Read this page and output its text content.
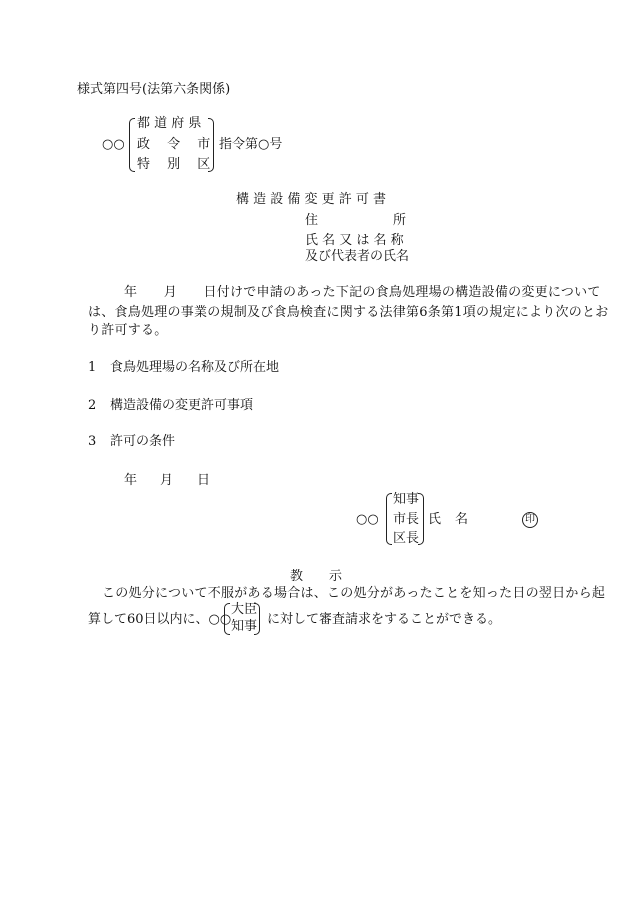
様式第四号(法第六条関係)
○○
都 道 府 県
政　 令　 市
特　 別　 区
指令第○号
構 造 設 備 変 更 許 可 書
住	所
氏 名 又 は 名 称
及び代表者の氏名
年　　月　　日付けで申請のあった下記の食鳥処理場の構造設備の変更について
は、食鳥処理の事業の規制及び食鳥検査に関する法律第6条第1項の規定により次のとお
り許可する。
1 食鳥処理場の名称及び所在地
2 構造設備の変更許可事項
3 許可の条件
年 月 日
○○
知事
市長
区長
氏 名	印
教　　示
この処分について不服がある場合は、この処分があったことを知った日の翌日から起
算して60日以内に、○○
大臣
知事 に対して審査請求をすることができる。
